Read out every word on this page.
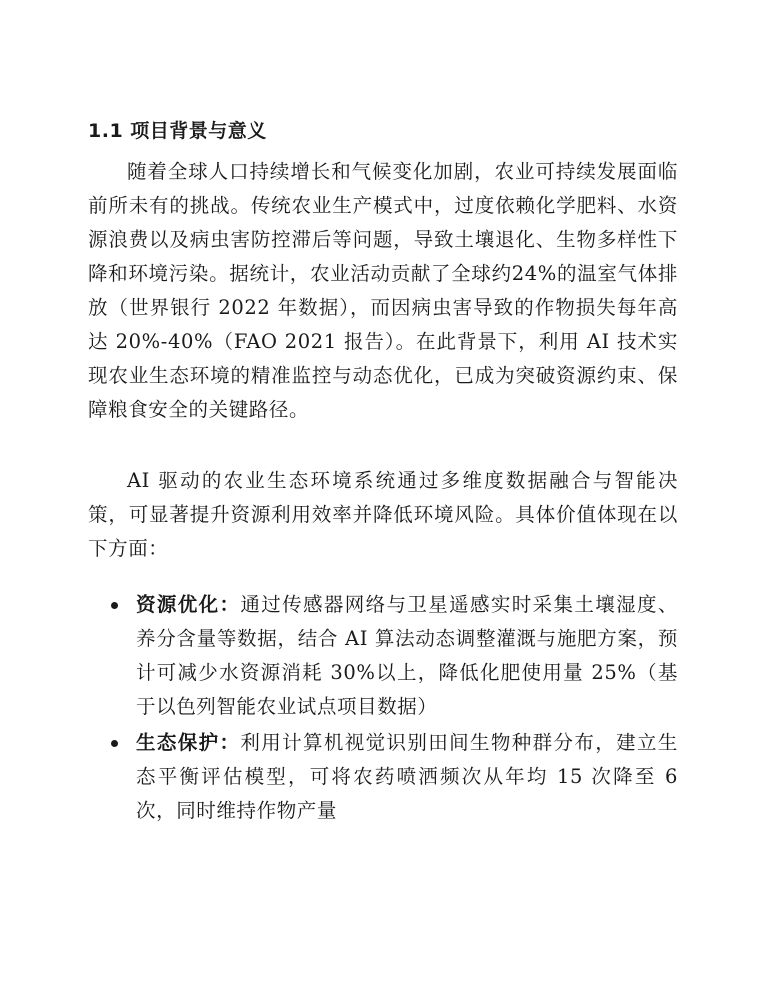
1.1 项目背景与意义

随着全球人口持续增长和气候变化加剧，农业可持续发展面临前所未有的挑战。传统农业生产模式中，过度依赖化学肥料、水资源浪费以及病虫害防控滞后等问题，导致土壤退化、生物多样性下降和环境污染。据统计，农业活动贡献了全球约24%的温室气体排放（世界银行 2022 年数据），而因病虫害导致的作物损失每年高达 20%-40%（FAO 2021 报告）。在此背景下，利用 AI 技术实现农业生态环境的精准监控与动态优化，已成为突破资源约束、保障粮食安全的关键路径。

AI 驱动的农业生态环境系统通过多维度数据融合与智能决策，可显著提升资源利用效率并降低环境风险。具体价值体现在以下方面：

资源优化：通过传感器网络与卫星遥感实时采集土壤湿度、养分含量等数据，结合 AI 算法动态调整灌溉与施肥方案，预计可减少水资源消耗 30%以上，降低化肥使用量 25%（基于以色列智能农业试点项目数据）
生态保护：利用计算机视觉识别田间生物种群分布，建立生态平衡评估模型，可将农药喷洒频次从年均 15 次降至 6 次，同时维持作物产量
